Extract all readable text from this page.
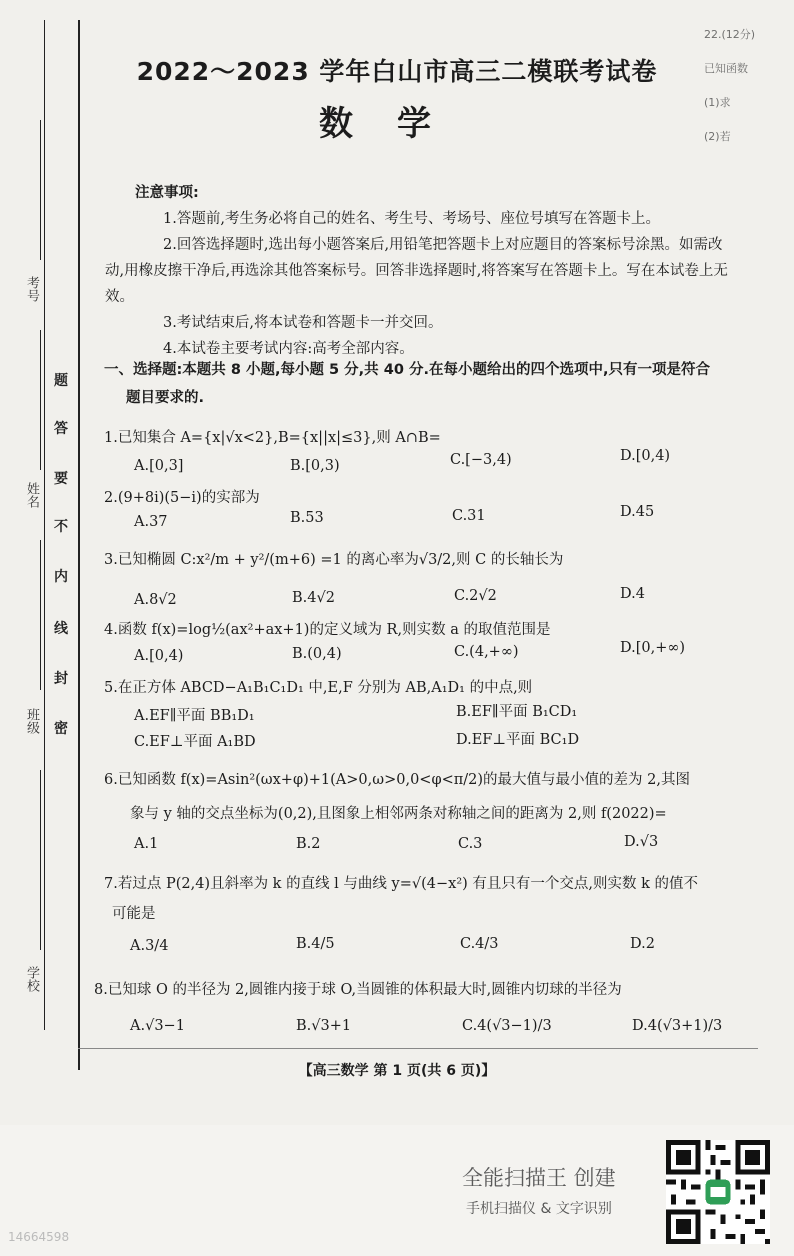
考号
姓名
班级
学校
题
答
要
不
内
线
封
密
22.(12分)
已知函数
(1)求
(2)若
2022～2023 学年白山市高三二模联考试卷
数学
注意事项:
1.答题前,考生务必将自己的姓名、考生号、考场号、座位号填写在答题卡上。
2.回答选择题时,选出每小题答案后,用铅笔把答题卡上对应题目的答案标号涂黑。如需改动,用橡皮擦干净后,再选涂其他答案标号。回答非选择题时,将答案写在答题卡上。写在本试卷上无效。
3.考试结束后,将本试卷和答题卡一并交回。
4.本试卷主要考试内容:高考全部内容。
一、选择题:本题共 8 小题,每小题 5 分,共 40 分.在每小题给出的四个选项中,只有一项是符合
题目要求的.
1.已知集合 A={x|√x<2},B={x||x|≤3},则 A∩B=
A.[0,3]	B.[0,3)	C.[−3,4)	D.[0,4)
2.(9+8i)(5−i)的实部为
A.37	B.53	C.31	D.45
3.已知椭圆 C:x²/m + y²/(m+6) =1 的离心率为√3/2,则 C 的长轴长为
A.8√2	B.4√2	C.2√2	D.4
4.函数 f(x)=log½(ax²+ax+1)的定义域为 R,则实数 a 的取值范围是
A.[0,4)	B.(0,4)	C.(4,+∞)	D.[0,+∞)
5.在正方体 ABCD−A₁B₁C₁D₁ 中,E,F 分别为 AB,A₁D₁ 的中点,则
A.EF∥平面 BB₁D₁	B.EF∥平面 B₁CD₁
C.EF⊥平面 A₁BD	D.EF⊥平面 BC₁D
6.已知函数 f(x)=Asin²(ωx+φ)+1(A>0,ω>0,0<φ<π/2)的最大值与最小值的差为 2,其图
象与 y 轴的交点坐标为(0,2),且图象上相邻两条对称轴之间的距离为 2,则 f(2022)=
A.1	B.2	C.3	D.√3
7.若过点 P(2,4)且斜率为 k 的直线 l 与曲线 y=√(4−x²) 有且只有一个交点,则实数 k 的值不
可能是
A.3/4	B.4/5	C.4/3	D.2
8.已知球 O 的半径为 2,圆锥内接于球 O,当圆锥的体积最大时,圆锥内切球的半径为
A.√3−1	B.√3+1	C.4(√3−1)/3	D.4(√3+1)/3
【高三数学 第 1 页(共 6 页)】
全能扫描王 创建
手机扫描仪 & 文字识别
14664598
